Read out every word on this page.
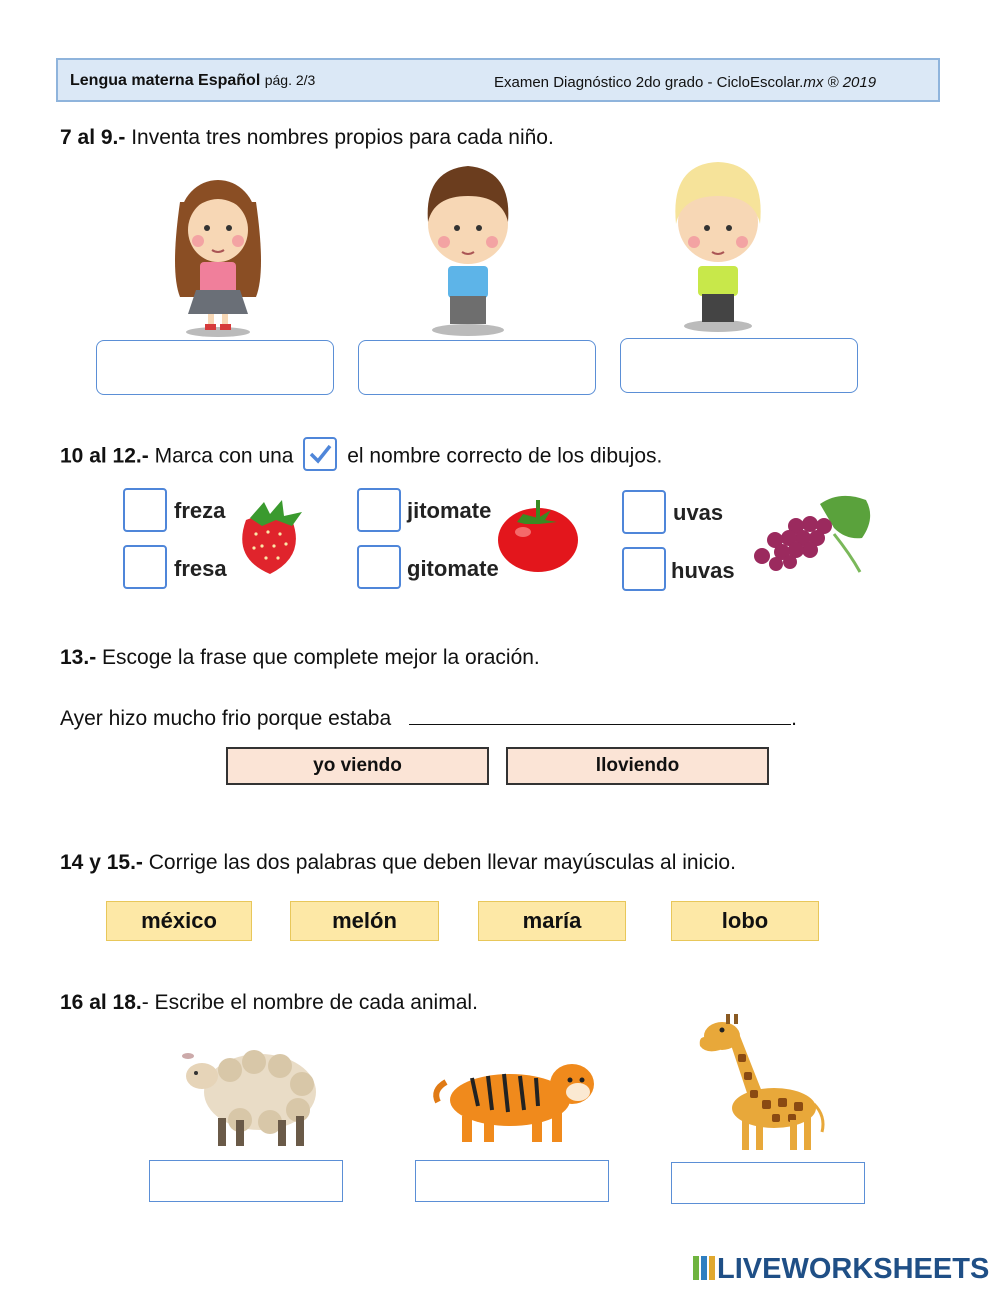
Lengua materna Español pág. 2/3	Examen Diagnóstico 2do grado - CicloEscolar.mx ® 2019
7 al 9.- Inventa tres nombres propios para cada niño.
10 al 12.- Marca con una	el nombre correcto de los dibujos.
freza
fresa
jitomate
gitomate
uvas
huvas
13.- Escoge la frase que complete mejor la oración.
Ayer hizo mucho frio porque estaba	.
yo viendo	lloviendo
14 y 15.- Corrige las dos palabras que deben llevar mayúsculas al inicio.
méxico	melón	maría	lobo
16 al 18.- Escribe el nombre de cada animal.
LIVEWORKSHEETS
